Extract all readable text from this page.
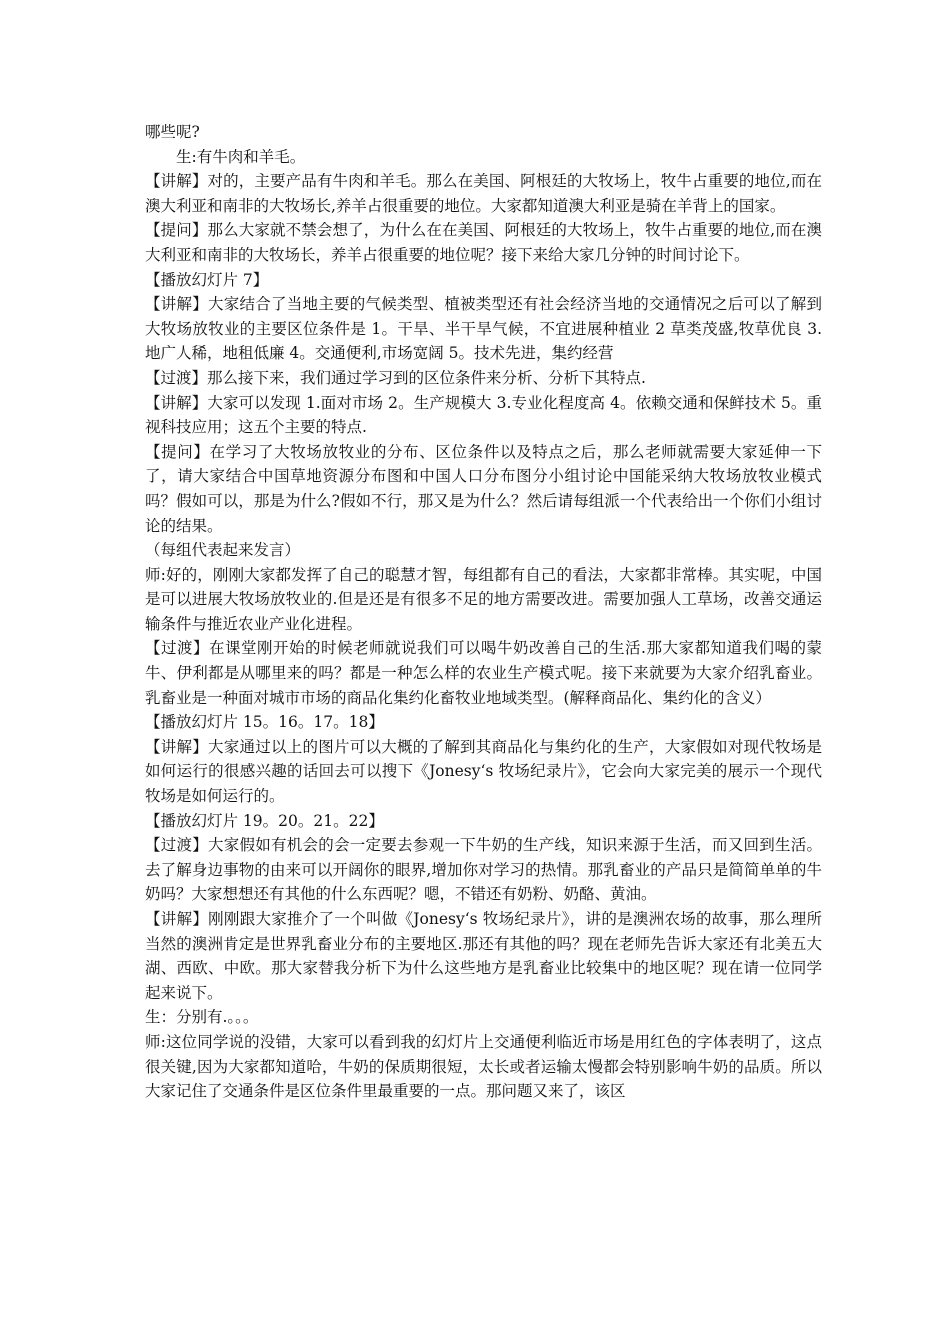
哪些呢?

生:有牛肉和羊毛。

【讲解】对的，主要产品有牛肉和羊毛。那么在美国、阿根廷的大牧场上，牧牛占重要的地位,而在澳大利亚和南非的大牧场长,养羊占很重要的地位。大家都知道澳大利亚是骑在羊背上的国家。

【提问】那么大家就不禁会想了，为什么在在美国、阿根廷的大牧场上，牧牛占重要的地位,而在澳大利亚和南非的大牧场长，养羊占很重要的地位呢？接下来给大家几分钟的时间讨论下。

【播放幻灯片 7】

【讲解】大家结合了当地主要的气候类型、植被类型还有社会经济当地的交通情况之后可以了解到大牧场放牧业的主要区位条件是 1。干旱、半干旱气候，不宜进展种植业 2 草类茂盛,牧草优良 3.地广人稀，地租低廉 4。交通便利,市场宽阔 5。技术先进，集约经营

【过渡】那么接下来，我们通过学习到的区位条件来分析、分析下其特点.

【讲解】大家可以发现 1.面对市场 2。生产规模大 3.专业化程度高 4。依赖交通和保鲜技术 5。重视科技应用；这五个主要的特点.

【提问】在学习了大牧场放牧业的分布、区位条件以及特点之后，那么老师就需要大家延伸一下了，请大家结合中国草地资源分布图和中国人口分布图分小组讨论中国能采纳大牧场放牧业模式吗？假如可以，那是为什么?假如不行，那又是为什么？然后请每组派一个代表给出一个你们小组讨论的结果。

（每组代表起来发言）

师:好的，刚刚大家都发挥了自己的聪慧才智，每组都有自己的看法，大家都非常棒。其实呢，中国是可以进展大牧场放牧业的.但是还是有很多不足的地方需要改进。需要加强人工草场，改善交通运输条件与推近农业产业化进程。

【过渡】在课堂刚开始的时候老师就说我们可以喝牛奶改善自己的生活.那大家都知道我们喝的蒙牛、伊利都是从哪里来的吗？都是一种怎么样的农业生产模式呢。接下来就要为大家介绍乳畜业。乳畜业是一种面对城市市场的商品化集约化畜牧业地域类型。(解释商品化、集约化的含义）

【播放幻灯片 15。16。17。18】

【讲解】大家通过以上的图片可以大概的了解到其商品化与集约化的生产，大家假如对现代牧场是如何运行的很感兴趣的话回去可以搜下《Jonesy‘s 牧场纪录片》，它会向大家完美的展示一个现代牧场是如何运行的。

【播放幻灯片 19。20。21。22】

【过渡】大家假如有机会的会一定要去参观一下牛奶的生产线，知识来源于生活，而又回到生活。去了解身边事物的由来可以开阔你的眼界,增加你对学习的热情。那乳畜业的产品只是简简单单的牛奶吗？大家想想还有其他的什么东西呢？嗯，不错还有奶粉、奶酪、黄油。

【讲解】刚刚跟大家推介了一个叫做《Jonesy‘s 牧场纪录片》，讲的是澳洲农场的故事，那么理所当然的澳洲肯定是世界乳畜业分布的主要地区.那还有其他的吗？现在老师先告诉大家还有北美五大湖、西欧、中欧。那大家替我分析下为什么这些地方是乳畜业比较集中的地区呢？现在请一位同学起来说下。

生：分别有.。。。

师:这位同学说的没错，大家可以看到我的幻灯片上交通便利临近市场是用红色的字体表明了，这点很关键,因为大家都知道哈，牛奶的保质期很短，太长或者运输太慢都会特别影响牛奶的品质。所以大家记住了交通条件是区位条件里最重要的一点。那问题又来了，该区
